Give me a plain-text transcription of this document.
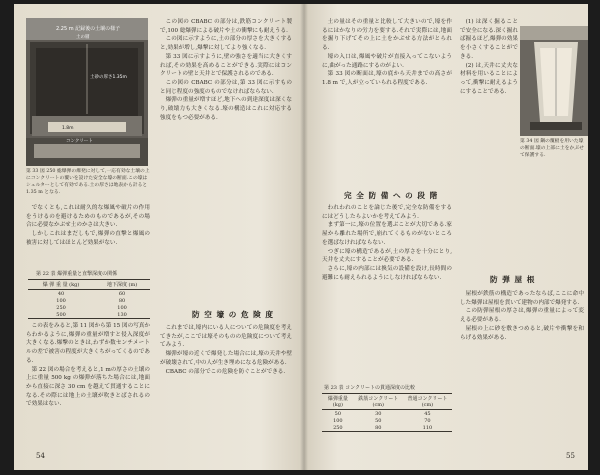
2.25 m 記録後の土壌の様子
土の層
土砂の厚さ1.35m
1.8m
コンクリート
第 33 図 250 総爆弾の爆発に対して,一応有効な土壌の上にコンクリートの覆いを設けた安全な壕の断面.この壕はシェルターとして有効である.土の厚さは地表から計ると 1.35 m となる.

でなくとも,これは耐久的な爆風や破片の作用をうけるのを避けるためのものであるが,その場合に必要なかぶせ土のかさは大きい.

しかしこれはまだしもで,爆弾の直撃と爆風の被害に対してはほとんど効果がない.

第 22 表 爆弾重量と直撃深度の関係
爆 弾 重 量 (kg)	地下深度 (m)
40	60
100	80
250	100
500	130

この表をみると,第 11 図から第 15 図の写真からわかるように,爆弾の重量が増すと侵入深度が大きくなる.爆撃のときは,わずか数センチメートルの差で被害の程度が大きくちがってくるのである.

第 22 図の場合を考えると,1 mの厚さの土壌の上に重量 500 kg の爆弾が落ちた場合には,地面から直接に深さ 30 cm を越えて貫通することになる.その際には地上の土壌が吹きとばされるので効果はない.

この図の CBABC の部分は,鉄筋コンクリート製で,100 総爆弾による破片や土の衝撃にも耐えうる.

この図に示すように,土の部分の厚さを大きくすると,効果が増し,爆撃に対してより強くなる.

第 33 図に示すように,壁の強さを適当に大きくすれば,その効果を高めることができる.実際にはコンクリートの壁と天井とで保護されるのである.

この図の CBABC の部分は,第 33 図に示すものと同じ程度の強度のものでなければならない.

爆弾の重量が増すほど,地下への到達深度は深くなり,破壊力も大きくなる.壕の構造はこれに対応する強度をもつ必要がある.

防 空 壕 の 危 険 度

これまでは,壕内にいる人についての危険度を考えてきたが,ここでは壕そのものの危険度について考えてみよう.

爆弾が壕の近くで爆発した場合には,壕の天井や壁が破壊されて,中の人が生き埋めになる危険がある.

CBABC の部分でこの危険を防ぐことができる.

54

土の量はその重量と比較して大きいので,壕を作るにはかなりの労力を要する.それで実際には,地面を掘り下げてその上に土をかぶせる方法がとられる.

壕の入口は,爆風や破片が直接入ってこないように,曲がった通路にするのがよい.

第 33 図の断面は,壕の底から天井までの高さが 1.8 m で,人が立っていられる程度である.

完 全 防 備 へ の 段 階

われわれのことを論じた後で,完全な防備をするにはどうしたらよいかを考えてみよう.

まず第一に,壕の位置を選ぶことが大切である.家屋から離れた場所で,崩れてくるものがないところを選ばなければならない.

つぎに壕の構造であるが,土の厚さを十分にとり,天井を丈夫にすることが必要である.

さらに,壕の内部には換気の設備を設け,長時間の避難にも耐えられるようにしなければならない.

第 23 表 コンクリートの貫通深度の比較
爆弾重量 (kg)	鉄筋コンクリート (cm)	普通コンクリート (cm)
50	30	45
100	50	70
250	80	110

(1) は深く掘ることで安全になる.深く掘れば掘るほど,爆弾の効果を小さくすることができる.

(2) は,天井に丈夫な材料を用いることによって,衝撃に耐えるようにすることである.

第 34 図 鋼の覆板を用いた壕の断面.壕の上部に土をかぶせて保護する.
防 弾 屋 根

屋根が鉄筋の構造であったならば,ここに命中した爆弾は屋根を貫いて建物の内部で爆発する.

この防弾屋根の厚さは,爆弾の重量によって変える必要がある.

屋根の上に砂を敷きつめると,破片や衝撃を和らげる効果がある.

55
